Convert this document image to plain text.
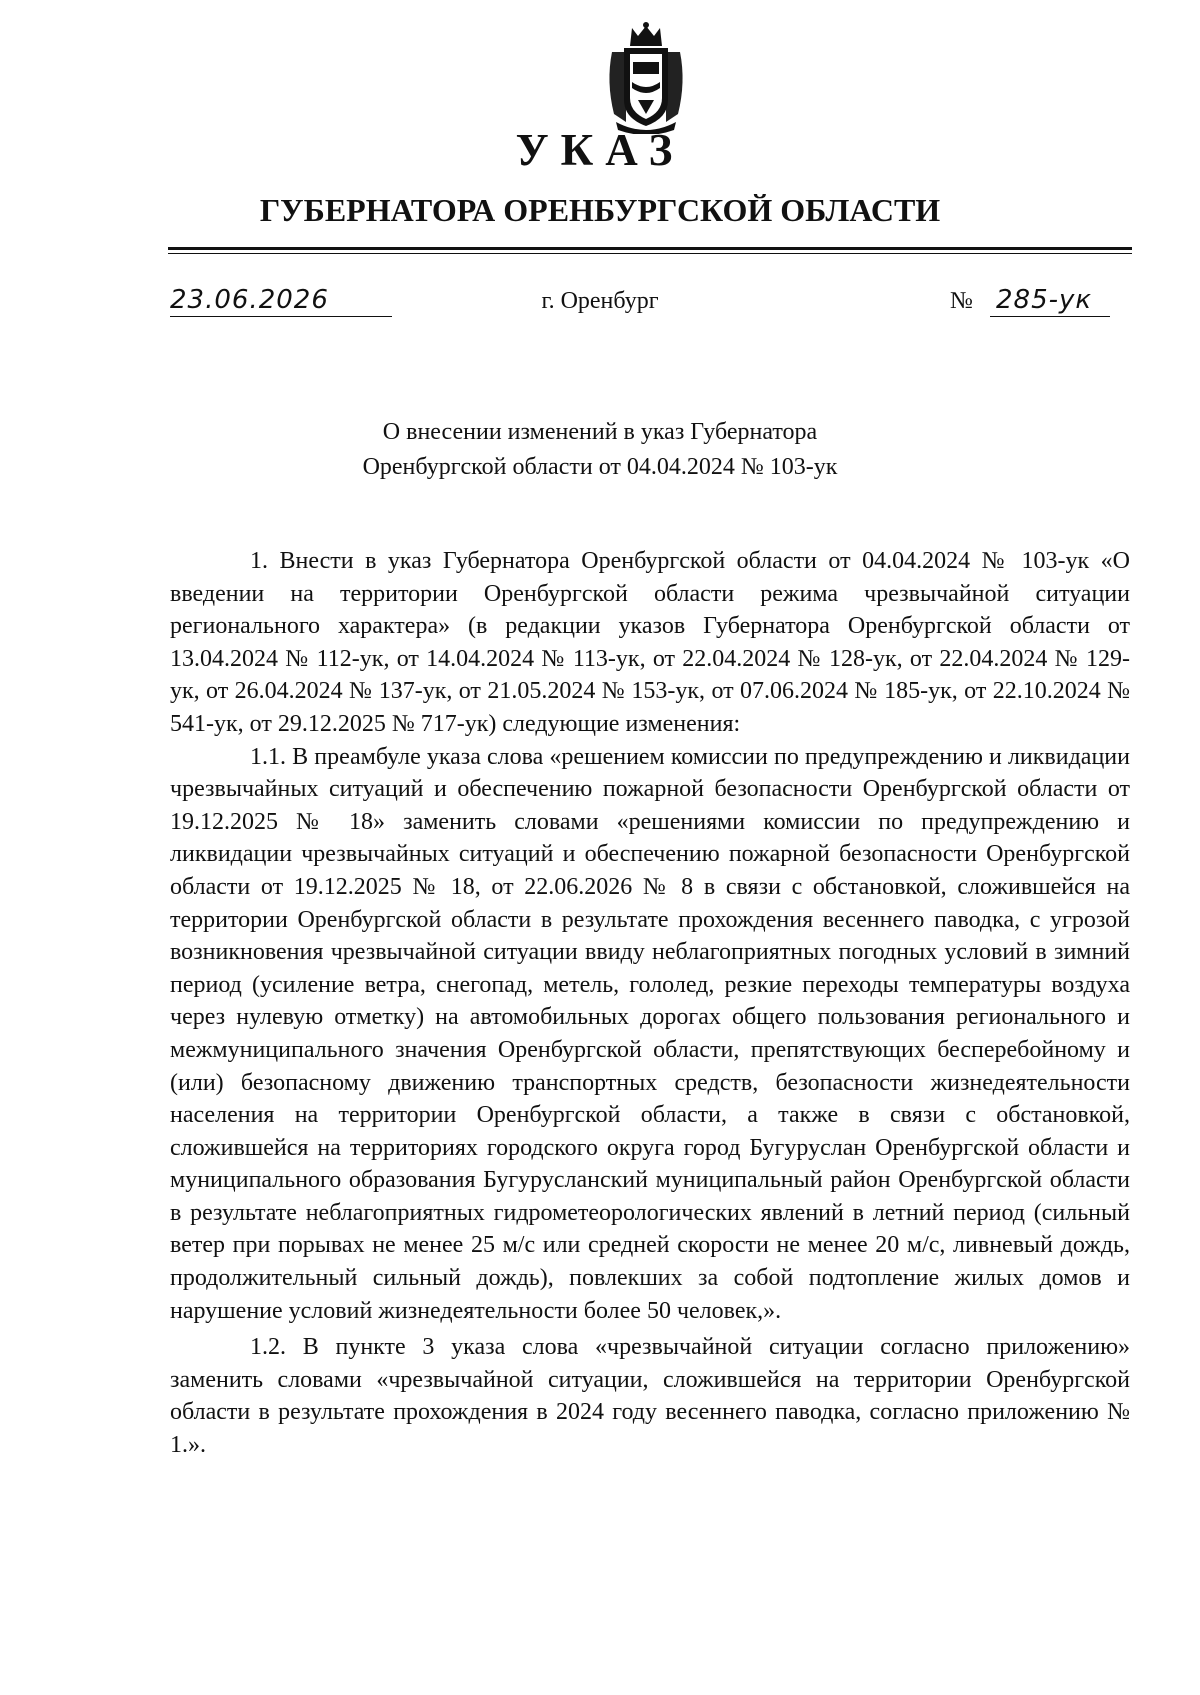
УКАЗ
ГУБЕРНАТОРА ОРЕНБУРГСКОЙ ОБЛАСТИ
23.06.2026	г. Оренбург	№ 285-ук
О внесении изменений в указ Губернатора
Оренбургской области от 04.04.2024 № 103-ук

1. Внести в указ Губернатора Оренбургской области от 04.04.2024 № 103-ук «О введении на территории Оренбургской области режима чрезвычайной ситуации регионального характера» (в редакции указов Губернатора Оренбургской области от 13.04.2024 № 112-ук, от 14.04.2024 № 113-ук, от 22.04.2024 № 128-ук, от 22.04.2024 № 129-ук, от 26.04.2024 № 137-ук, от 21.05.2024 № 153-ук, от 07.06.2024 № 185-ук, от 22.10.2024 № 541-ук, от 29.12.2025 № 717-ук) следующие изменения:

1.1. В преамбуле указа слова «решением комиссии по предупреждению и ликвидации чрезвычайных ситуаций и обеспечению пожарной безопасности Оренбургской области от 19.12.2025 № 18» заменить словами «решениями комиссии по предупреждению и ликвидации чрезвычайных ситуаций и обеспечению пожарной безопасности Оренбургской области от 19.12.2025 № 18, от 22.06.2026 № 8 в связи с обстановкой, сложившейся на территории Оренбургской области в результате прохождения весеннего паводка, с угрозой возникновения чрезвычайной ситуации ввиду неблагоприятных погодных условий в зимний период (усиление ветра, снегопад, метель, гололед, резкие переходы температуры воздуха через нулевую отметку) на автомобильных дорогах общего пользования регионального и межмуниципального значения Оренбургской области, препятствующих бесперебойному и (или) безопасному движению транспортных средств, безопасности жизнедеятельности населения на территории Оренбургской области, а также в связи с обстановкой, сложившейся на территориях городского округа город Бугуруслан Оренбургской области и муниципального образования Бугурусланский муниципальный район Оренбургской области в результате неблагоприятных гидрометеорологических явлений в летний период (сильный ветер при порывах не менее 25 м/с или средней скорости не менее 20 м/с, ливневый дождь, продолжительный сильный дождь), повлекших за собой подтопление жилых домов и нарушение условий жизнедеятельности более 50 человек,».

1.2. В пункте 3 указа слова «чрезвычайной ситуации согласно приложению» заменить словами «чрезвычайной ситуации, сложившейся на территории Оренбургской области в результате прохождения в 2024 году весеннего паводка, согласно приложению № 1.».
